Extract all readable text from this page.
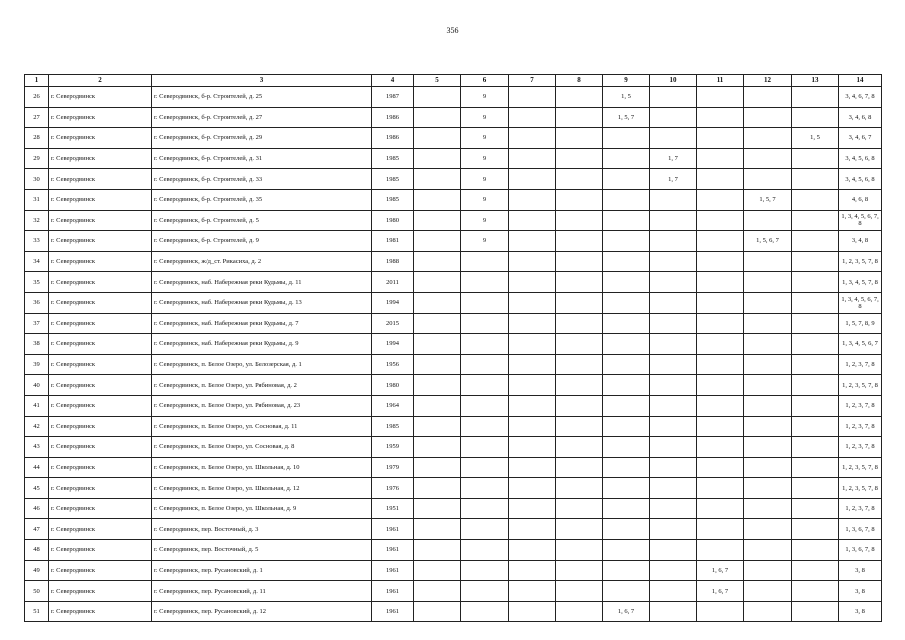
356
1	2	3	4	5	6	7	8	9	10	11	12	13	14
26	г. Северодвинск	г. Северодвинск, б-р. Строителей, д. 25	1987		9			1, 5					3, 4, 6, 7, 8
27	г. Северодвинск	г. Северодвинск, б-р. Строителей, д. 27	1986		9			1, 5, 7					3, 4, 6, 8
28	г. Северодвинск	г. Северодвинск, б-р. Строителей, д. 29	1986		9							1, 5	3, 4, 6, 7
29	г. Северодвинск	г. Северодвинск, б-р. Строителей, д. 31	1985		9				1, 7				3, 4, 5, 6, 8
30	г. Северодвинск	г. Северодвинск, б-р. Строителей, д. 33	1985		9				1, 7				3, 4, 5, 6, 8
31	г. Северодвинск	г. Северодвинск, б-р. Строителей, д. 35	1985		9						1, 5, 7		4, 6, 8
32	г. Северодвинск	г. Северодвинск, б-р. Строителей, д. 5	1980		9								1, 3, 4, 5, 6, 7, 8
33	г. Северодвинск	г. Северодвинск, б-р. Строителей, д. 9	1981		9						1, 5, 6, 7		3, 4, 8
34	г. Северодвинск	г. Северодвинск, ж/д_ст. Рикасиха, д. 2	1988										1, 2, 3, 5, 7, 8
35	г. Северодвинск	г. Северодвинск, наб. Набережная реки Кудьмы, д. 11	2011										1, 3, 4, 5, 7, 8
36	г. Северодвинск	г. Северодвинск, наб. Набережная реки Кудьмы, д. 13	1994										1, 3, 4, 5, 6, 7, 8
37	г. Северодвинск	г. Северодвинск, наб. Набережная реки Кудьмы, д. 7	2015										1, 5, 7, 8, 9
38	г. Северодвинск	г. Северодвинск, наб. Набережная реки Кудьмы, д. 9	1994										1, 3, 4, 5, 6, 7
39	г. Северодвинск	г. Северодвинск, п. Белое Озеро, ул. Белозерская, д. 1	1956										1, 2, 3, 7, 8
40	г. Северодвинск	г. Северодвинск, п. Белое Озеро, ул. Рябиновая, д. 2	1980										1, 2, 3, 5, 7, 8
41	г. Северодвинск	г. Северодвинск, п. Белое Озеро, ул. Рябиновая, д. 23	1964										1, 2, 3, 7, 8
42	г. Северодвинск	г. Северодвинск, п. Белое Озеро, ул. Сосновая, д. 11	1985										1, 2, 3, 7, 8
43	г. Северодвинск	г. Северодвинск, п. Белое Озеро, ул. Сосновая, д. 8	1959										1, 2, 3, 7, 8
44	г. Северодвинск	г. Северодвинск, п. Белое Озеро, ул. Школьная, д. 10	1979										1, 2, 3, 5, 7, 8
45	г. Северодвинск	г. Северодвинск, п. Белое Озеро, ул. Школьная, д. 12	1976										1, 2, 3, 5, 7, 8
46	г. Северодвинск	г. Северодвинск, п. Белое Озеро, ул. Школьная, д. 9	1951										1, 2, 3, 7, 8
47	г. Северодвинск	г. Северодвинск, пер. Восточный, д. 3	1961										1, 3, 6, 7, 8
48	г. Северодвинск	г. Северодвинск, пер. Восточный, д. 5	1961										1, 3, 6, 7, 8
49	г. Северодвинск	г. Северодвинск, пер. Русановский, д. 1	1961							1, 6, 7			3, 8
50	г. Северодвинск	г. Северодвинск, пер. Русановский, д. 11	1961							1, 6, 7			3, 8
51	г. Северодвинск	г. Северодвинск, пер. Русановский, д. 12	1961					1, 6, 7					3, 8
